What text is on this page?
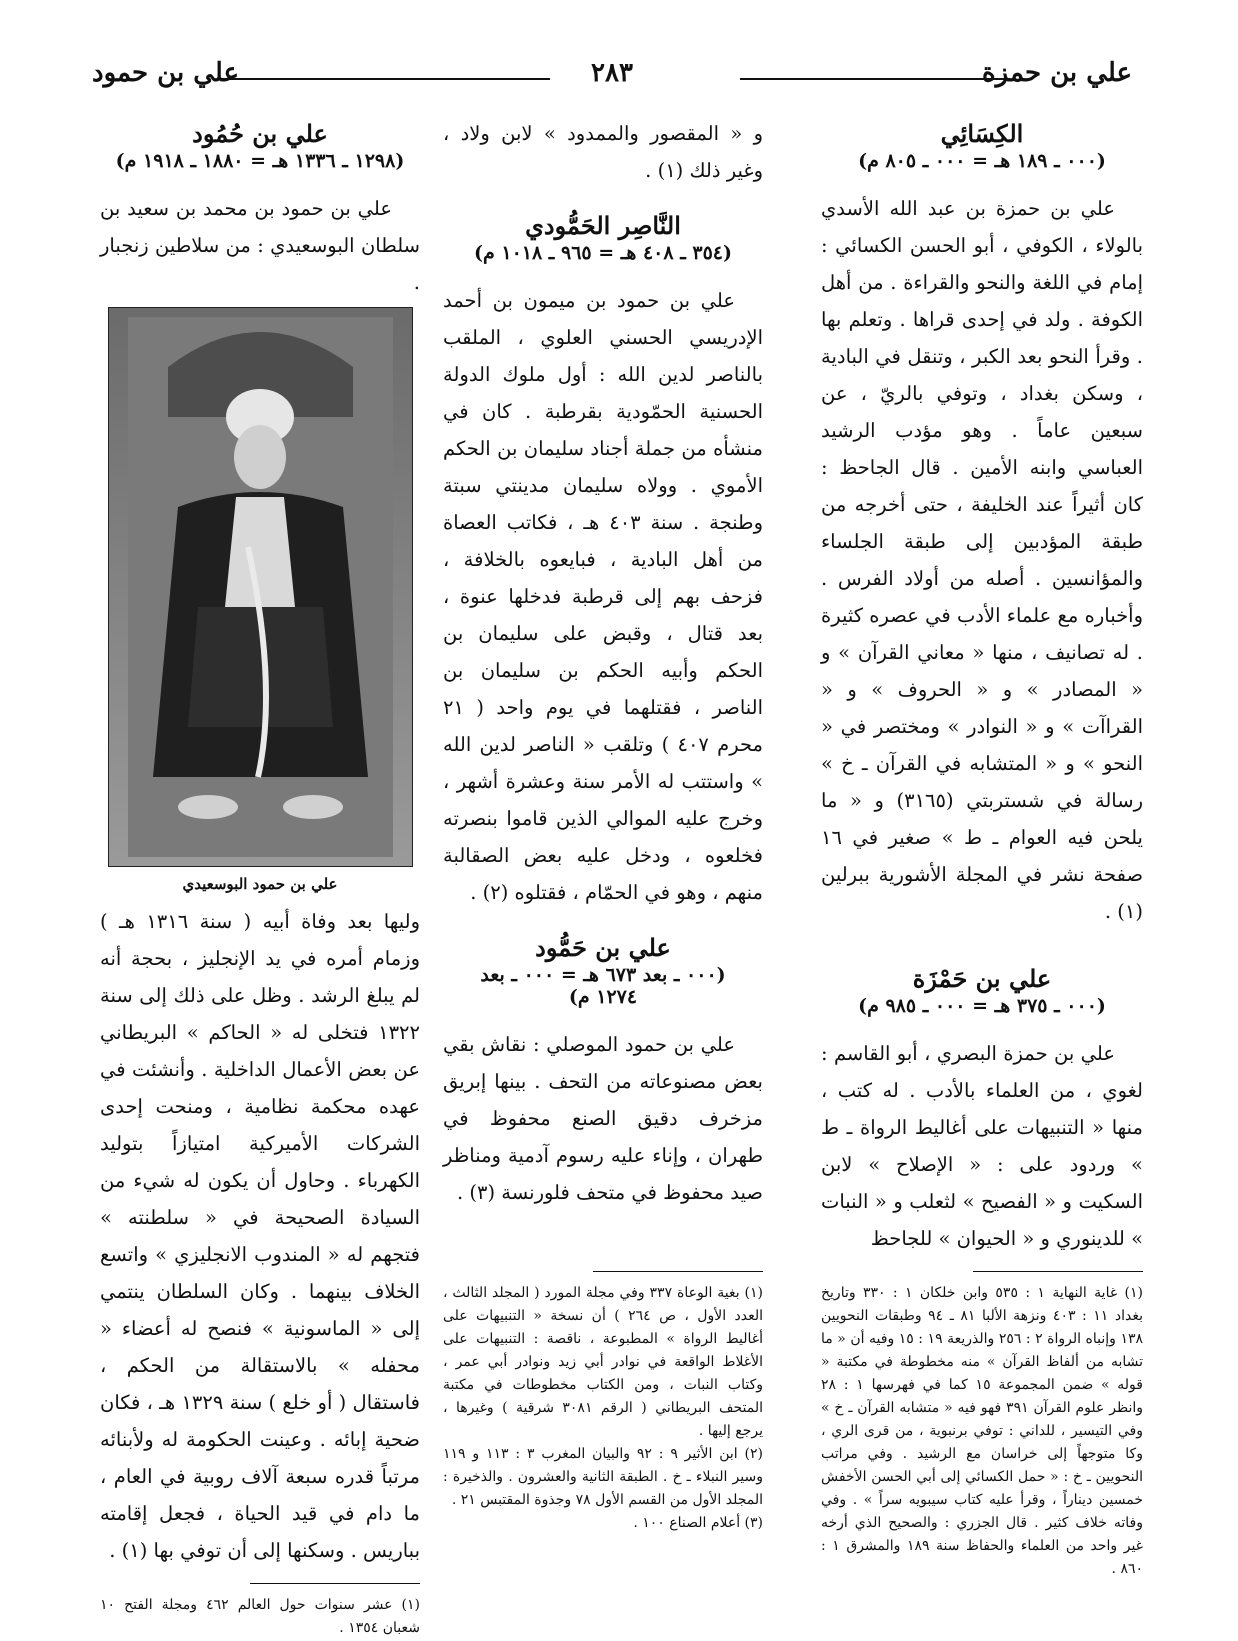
علي بن حمزة
٢٨٣
علي بن حمود
الكِسَائِي
(٠٠٠ ـ ١٨٩ هـ = ٠٠٠ ـ ٨٠٥ م)

علي بن حمزة بن عبد الله الأسدي بالولاء ، الكوفي ، أبو الحسن الكسائي : إمام في اللغة والنحو والقراءة . من أهل الكوفة . ولد في إحدى قراها . وتعلم بها . وقرأ النحو بعد الكبر ، وتنقل في البادية ، وسكن بغداد ، وتوفي بالريّ ، عن سبعين عاماً . وهو مؤدب الرشيد العباسي وابنه الأمين . قال الجاحظ : كان أثيراً عند الخليفة ، حتى أخرجه من طبقة المؤدبين إلى طبقة الجلساء والمؤانسين . أصله من أولاد الفرس . وأخباره مع علماء الأدب في عصره كثيرة . له تصانيف ، منها « معاني القرآن » و « المصادر » و « الحروف » و « القراآت » و « النوادر » ومختصر في « النحو » و « المتشابه في القرآن ـ خ » رسالة في شستربتي (٣١٦٥) و « ما يلحن فيه العوام ـ ط » صغير في ١٦ صفحة نشر في المجلة الأشورية ببرلين (١) .

علي بن حَمْزَة
(٠٠٠ ـ ٣٧٥ هـ = ٠٠٠ ـ ٩٨٥ م)

علي بن حمزة البصري ، أبو القاسم : لغوي ، من العلماء بالأدب . له كتب ، منها « التنبيهات على أغاليط الرواة ـ ط » وردود على : « الإصلاح » لابن السكيت و « الفصيح » لثعلب و « النبات » للدينوري و « الحيوان » للجاحظ

(١) غاية النهاية ١ : ٥٣٥ وابن خلكان ١ : ٣٣٠ وتاريخ بغداد ١١ : ٤٠٣ ونزهة الألبا ٨١ ـ ٩٤ وطبقات النحويين ١٣٨ وإنباه الرواة ٢ : ٢٥٦ والذريعة ١٩ : ١٥ وفيه أن « ما تشابه من ألفاظ القرآن » منه مخطوطة في مكتبة « قوله » ضمن المجموعة ١٥ كما في فهرسها ١ : ٢٨ وانظر علوم القرآن ٣٩١ فهو فيه « متشابه القرآن ـ خ » وفي التيسير ، للداني : توفي برنبوية ، من قرى الري ، وكا متوجهاً إلى خراسان مع الرشيد . وفي مراتب النحويين ـ خ : « حمل الكسائي إلى أبي الحسن الأخفش خمسين ديناراً ، وقرأ عليه كتاب سيبويه سراً » . وفي وفاته خلاف كثير . قال الجزري : والصحيح الذي أرخه غير واحد من العلماء والحفاظ سنة ١٨٩ والمشرق ١ : ٨٦٠ .

و « المقصور والممدود » لابن ولاد ، وغير ذلك (١) .

النَّاصِر الحَمُّودي
(٣٥٤ ـ ٤٠٨ هـ = ٩٦٥ ـ ١٠١٨ م)

علي بن حمود بن ميمون بن أحمد الإدريسي الحسني العلوي ، الملقب بالناصر لدين الله : أول ملوك الدولة الحسنية الحمّودية بقرطبة . كان في منشأه من جملة أجناد سليمان بن الحكم الأموي . وولاه سليمان مدينتي سبتة وطنجة . سنة ٤٠٣ هـ ، فكاتب العصاة من أهل البادية ، فبايعوه بالخلافة ، فزحف بهم إلى قرطبة فدخلها عنوة ، بعد قتال ، وقبض على سليمان بن الحكم وأبيه الحكم بن سليمان بن الناصر ، فقتلهما في يوم واحد ( ٢١ محرم ٤٠٧ ) وتلقب « الناصر لدين الله » واستتب له الأمر سنة وعشرة أشهر ، وخرج عليه الموالي الذين قاموا بنصرته فخلعوه ، ودخل عليه بعض الصقالبة منهم ، وهو في الحمّام ، فقتلوه (٢) .

علي بن حَمُّود
(٠٠٠ ـ بعد ٦٧٣ هـ = ٠٠٠ ـ بعد
١٢٧٤ م)

علي بن حمود الموصلي : نقاش بقي بعض مصنوعاته من التحف . بينها إبريق مزخرف دقيق الصنع محفوظ في طهران ، وإناء عليه رسوم آدمية ومناظر صيد محفوظ في متحف فلورنسة (٣) .

(١) بغية الوعاة ٣٣٧ وفي مجلة المورد ( المجلد الثالث ، العدد الأول ، ص ٢٦٤ ) أن نسخة « التنبيهات على أغاليط الرواة » المطبوعة ، ناقصة : التنبيهات على الأغلاط الواقعة في نوادر أبي زيد ونوادر أبي عمر ، وكتاب النبات ، ومن الكتاب مخطوطات في مكتبة المتحف البريطاني ( الرقم ٣٠٨١ شرقية ) وغيرها ، يرجع إليها .

(٢) ابن الأثير ٩ : ٩٢ والبيان المغرب ٣ : ١١٣ و ١١٩ وسير النبلاء ـ خ . الطبقة الثانية والعشرون . والذخيرة : المجلد الأول من القسم الأول ٧٨ وجذوة المقتبس ٢١ .

(٣) أعلام الصناع ١٠٠ .

علي بن حُمُود
(١٢٩٨ ـ ١٣٣٦ هـ = ١٨٨٠ ـ ١٩١٨ م)

علي بن حمود بن محمد بن سعيد بن سلطان البوسعيدي : من سلاطين زنجبار .

علي بن حمود البوسعيدي

وليها بعد وفاة أبيه ( سنة ١٣١٦ هـ ) وزمام أمره في يد الإنجليز ، بحجة أنه لم يبلغ الرشد . وظل على ذلك إلى سنة ١٣٢٢ فتخلى له « الحاكم » البريطاني عن بعض الأعمال الداخلية . وأنشئت في عهده محكمة نظامية ، ومنحت إحدى الشركات الأميركية امتيازاً بتوليد الكهرباء . وحاول أن يكون له شيء من السيادة الصحيحة في « سلطنته » فتجهم له « المندوب الانجليزي » واتسع الخلاف بينهما . وكان السلطان ينتمي إلى « الماسونية » فنصح له أعضاء « محفله » بالاستقالة من الحكم ، فاستقال ( أو خلع ) سنة ١٣٢٩ هـ ، فكان ضحية إبائه . وعينت الحكومة له ولأبنائه مرتباً قدره سبعة آلاف روبية في العام ، ما دام في قيد الحياة ، فجعل إقامته بباريس . وسكنها إلى أن توفي بها (١) .

(١) عشر سنوات حول العالم ٤٦٢ ومجلة الفتح ١٠ شعبان ١٣٥٤ .
